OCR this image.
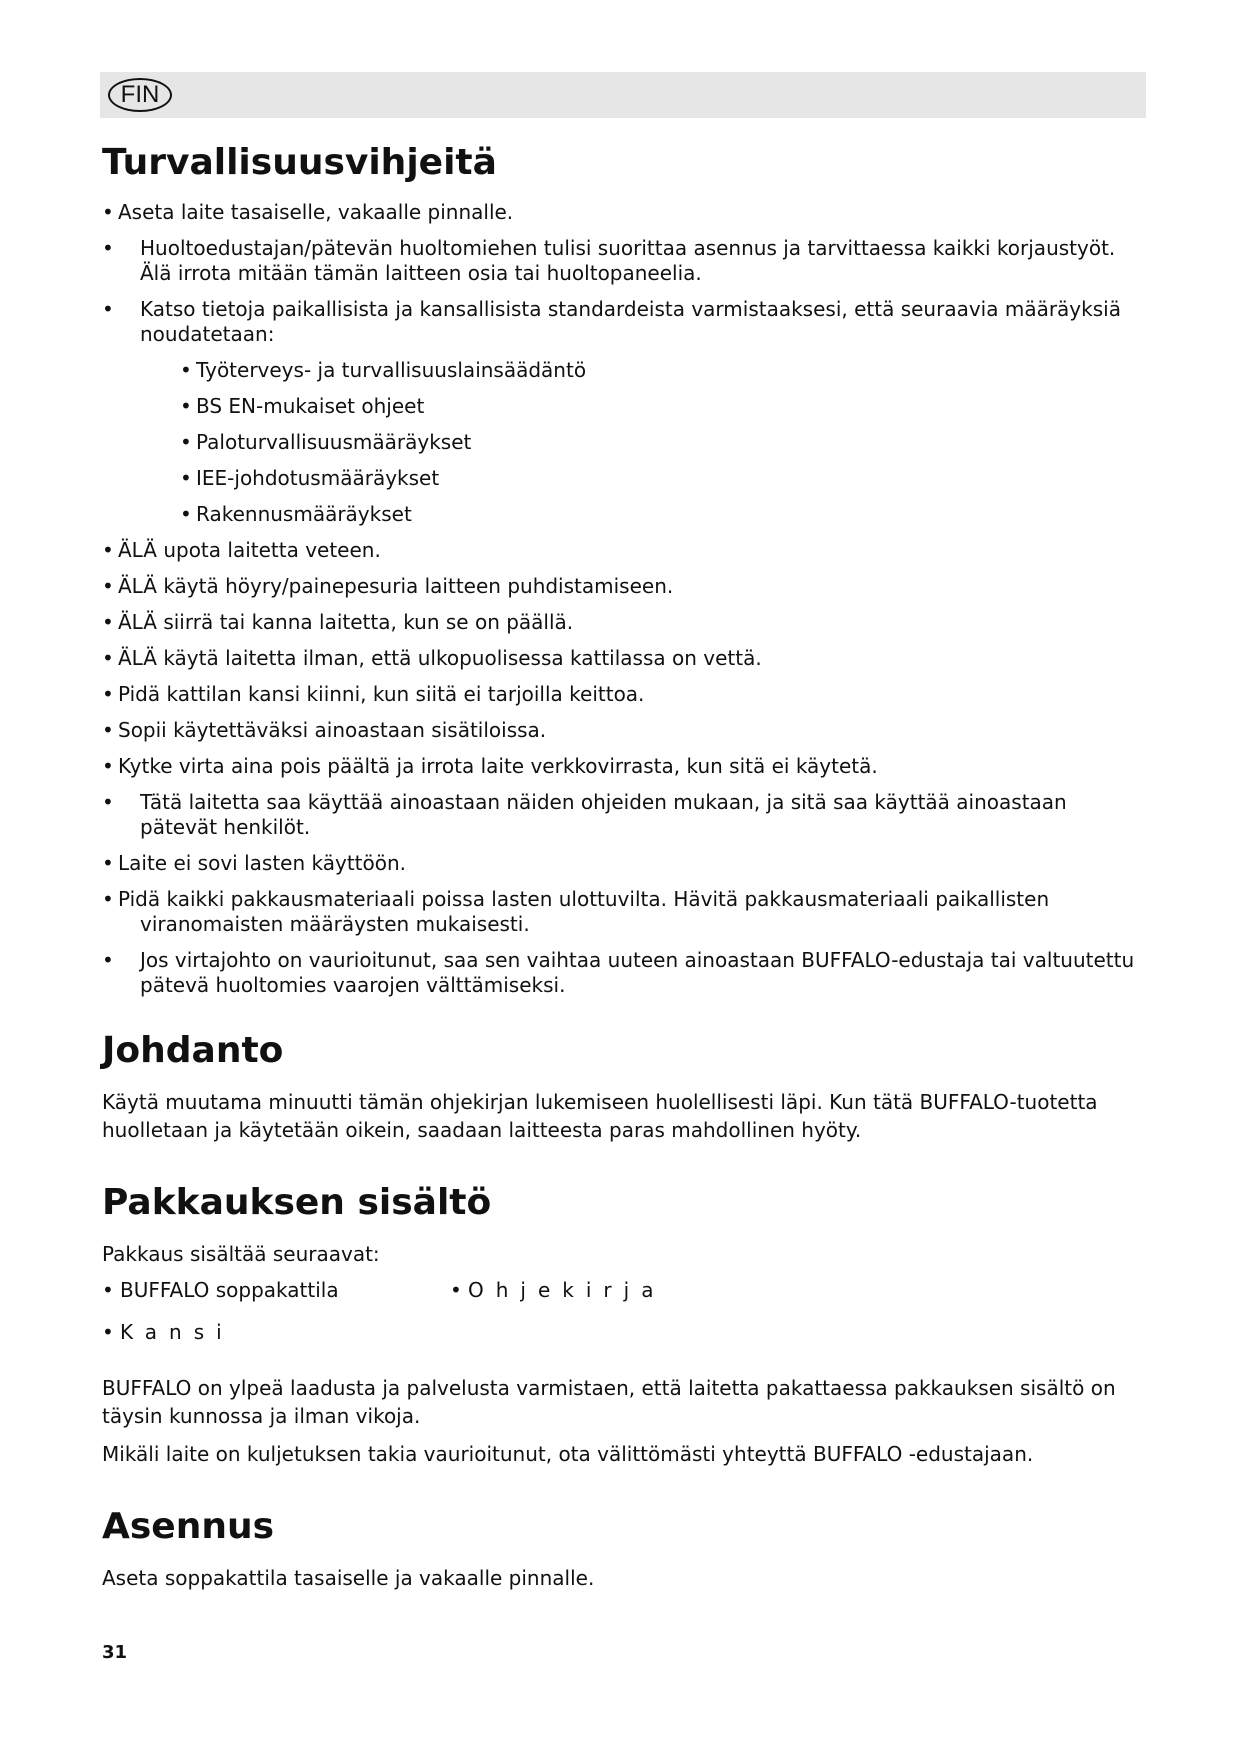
FIN
Turvallisuusvihjeitä
• Aseta laite tasaiselle, vakaalle pinnalle.
• Huoltoedustajan/pätevän huoltomiehen tulisi suorittaa asennus ja tarvittaessa kaikki korjaustyöt. Älä irrota mitään tämän laitteen osia tai huoltopaneelia.
• Katso tietoja paikallisista ja kansallisista standardeista varmistaaksesi, että seuraavia määräyksiä noudatetaan:
• Työterveys- ja turvallisuuslainsäädäntö
• BS EN-mukaiset ohjeet
• Paloturvallisuusmääräykset
• IEE-johdotusmääräykset
• Rakennusmääräykset
• ÄLÄ upota laitetta veteen.
• ÄLÄ käytä höyry/painepesuria laitteen puhdistamiseen.
• ÄLÄ siirrä tai kanna laitetta, kun se on päällä.
• ÄLÄ käytä laitetta ilman, että ulkopuolisessa kattilassa on vettä.
• Pidä kattilan kansi kiinni, kun siitä ei tarjoilla keittoa.
• Sopii käytettäväksi ainoastaan sisätiloissa.
• Kytke virta aina pois päältä ja irrota laite verkkovirrasta, kun sitä ei käytetä.
• Tätä laitetta saa käyttää ainoastaan näiden ohjeiden mukaan, ja sitä saa käyttää ainoastaan pätevät henkilöt.
• Laite ei sovi lasten käyttöön.
• Pidä kaikki pakkausmateriaali poissa lasten ulottuvilta. Hävitä pakkausmateriaali paikallisten viranomaisten määräysten mukaisesti.
• Jos virtajohto on vaurioitunut, saa sen vaihtaa uuteen ainoastaan BUFFALO-edustaja tai valtuutettu pätevä huoltomies vaarojen välttämiseksi.
Johdanto

Käytä muutama minuutti tämän ohjekirjan lukemiseen huolellisesti läpi. Kun tätä BUFFALO-tuotetta huolletaan ja käytetään oikein, saadaan laitteesta paras mahdollinen hyöty.

Pakkauksen sisältö

Pakkaus sisältää seuraavat:

• BUFFALO soppakattila
•	Ohjekirja
• Kansi

BUFFALO on ylpeä laadusta ja palvelusta varmistaen, että laitetta pakattaessa pakkauksen sisältö on täysin kunnossa ja ilman vikoja.

Mikäli laite on kuljetuksen takia vaurioitunut, ota välittömästi yhteyttä BUFFALO -edustajaan.

Asennus

Aseta soppakattila tasaiselle ja vakaalle pinnalle.

31
